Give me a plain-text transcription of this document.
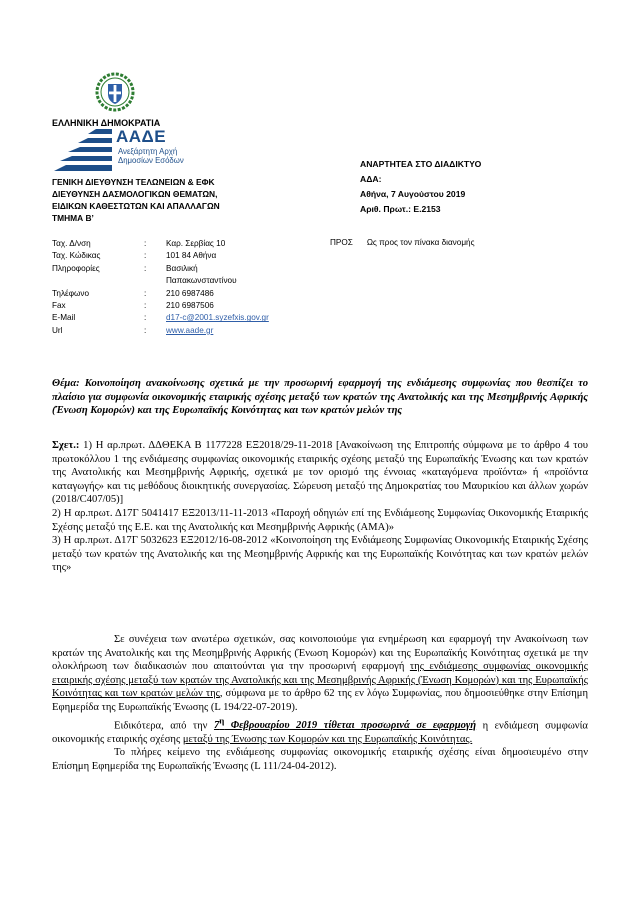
ΕΛΛΗΝΙΚΗ ΔΗΜΟΚΡΑΤΙΑ
ΑΑΔΕ
Ανεξάρτητη Αρχή
Δημοσίων Εσόδων
ΓΕΝΙΚΗ ΔΙΕΥΘΥΝΣΗ ΤΕΛΩΝΕΙΩΝ & ΕΦΚ
ΔΙΕΥΘΥΝΣΗ ΔΑΣΜΟΛΟΓΙΚΩΝ ΘΕΜΑΤΩΝ,
ΕΙΔΙΚΩΝ ΚΑΘΕΣΤΩΤΩΝ ΚΑΙ ΑΠΑΛΛΑΓΩΝ
ΤΜΗΜΑ Β’
ΑΝΑΡΤΗΤΕΑ ΣΤΟ ΔΙΑΔΙΚΤΥΟ
ΑΔΑ:
Αθήνα, 7 Αυγούστου 2019
Αριθ. Πρωτ.: Ε.2153
Ταχ. Δ/νση	:	Καρ. Σερβίας 10
Ταχ. Κώδικας	:	101 84 Αθήνα
Πληροφορίες	:	Βασιλική
Παπακωνσταντίνου
Τηλέφωνο	:	210 6987486
Fax	:	210 6987506
E-Mail	:	d17-c@2001.syzefxis.gov.gr
Url	:	www.aade.gr
ΠΡΟΣ Ως προς τον πίνακα διανομής
Θέμα: Κοινοποίηση ανακοίνωσης σχετικά με την προσωρινή εφαρμογή της ενδιάμεσης συμφωνίας που θεσπίζει το πλαίσιο για συμφωνία οικονομικής εταιρικής σχέσης μεταξύ των κρατών της Ανατολικής και της Μεσημβρινής Αφρικής (Ένωση Κομορών) και της Ευρωπαϊκής Κοινότητας και των κρατών μελών της
Σχετ.: 1) Η αρ.πρωτ. ΔΔΘΕΚΑ Β 1177228 ΕΞ2018/29-11-2018 [Ανακοίνωση της Επιτροπής σύμφωνα με το άρθρο 4 του πρωτοκόλλου 1 της ενδιάμεσης συμφωνίας οικονομικής εταιρικής σχέσης μεταξύ της Ευρωπαϊκής Ένωσης και των κρατών της Ανατολικής και Μεσημβρινής Αφρικής, σχετικά με τον ορισμό της έννοιας «καταγόμενα προϊόντα» ή «προϊόντα καταγωγής» και τις μεθόδους διοικητικής συνεργασίας. Σώρευση μεταξύ της Δημοκρατίας του Μαυρικίου και άλλων χωρών (2018/C407/05)]
2) Η αρ.πρωτ. Δ17Γ 5041417 ΕΞ2013/11-11-2013 «Παροχή οδηγιών επί της Ενδιάμεσης Συμφωνίας Οικονομικής Εταιρικής Σχέσης μεταξύ της Ε.Ε. και της Ανατολικής και Μεσημβρινής Αφρικής (ΑΜΑ)»
3) Η αρ.πρωτ. Δ17Γ 5032623 ΕΞ2012/16-08-2012 «Κοινοποίηση της Ενδιάμεσης Συμφωνίας Οικονομικής Εταιρικής Σχέσης μεταξύ των κρατών της Ανατολικής και της Μεσημβρινής Αφρικής και της Ευρωπαϊκής Κοινότητας και των κρατών μελών της»

Σε συνέχεια των ανωτέρω σχετικών, σας κοινοποιούμε για ενημέρωση και εφαρμογή την Ανακοίνωση των κρατών της Ανατολικής και της Μεσημβρινής Αφρικής (Ένωση Κομορών) και της Ευρωπαϊκής Κοινότητας σχετικά με την ολοκλήρωση των διαδικασιών που απαιτούνται για την προσωρινή εφαρμογή της ενδιάμεσης συμφωνίας οικονομικής εταιρικής σχέσης μεταξύ των κρατών της Ανατολικής και της Μεσημβρινής Αφρικής (Ένωση Κομορών) και της Ευρωπαϊκής Κοινότητας και των κρατών μελών της, σύμφωνα με το άρθρο 62 της εν λόγω Συμφωνίας, που δημοσιεύθηκε στην Επίσημη Εφημερίδα της Ευρωπαϊκής Ένωσης (L 194/22-07-2019).

Ειδικότερα, από την $7^\eta$ Φεβρουαρίου 2019 τίθεται προσωρινά σε εφαρμογή η ενδιάμεση συμφωνία οικονομικής εταιρικής σχέσης μεταξύ της Ένωσης των Κομορών και της Ευρωπαϊκής Κοινότητας.

Το πλήρες κείμενο της ενδιάμεσης συμφωνίας οικονομικής εταιρικής σχέσης είναι δημοσιευμένο στην Επίσημη Εφημερίδα της Ευρωπαϊκής Ένωσης (L 111/24-04-2012).
